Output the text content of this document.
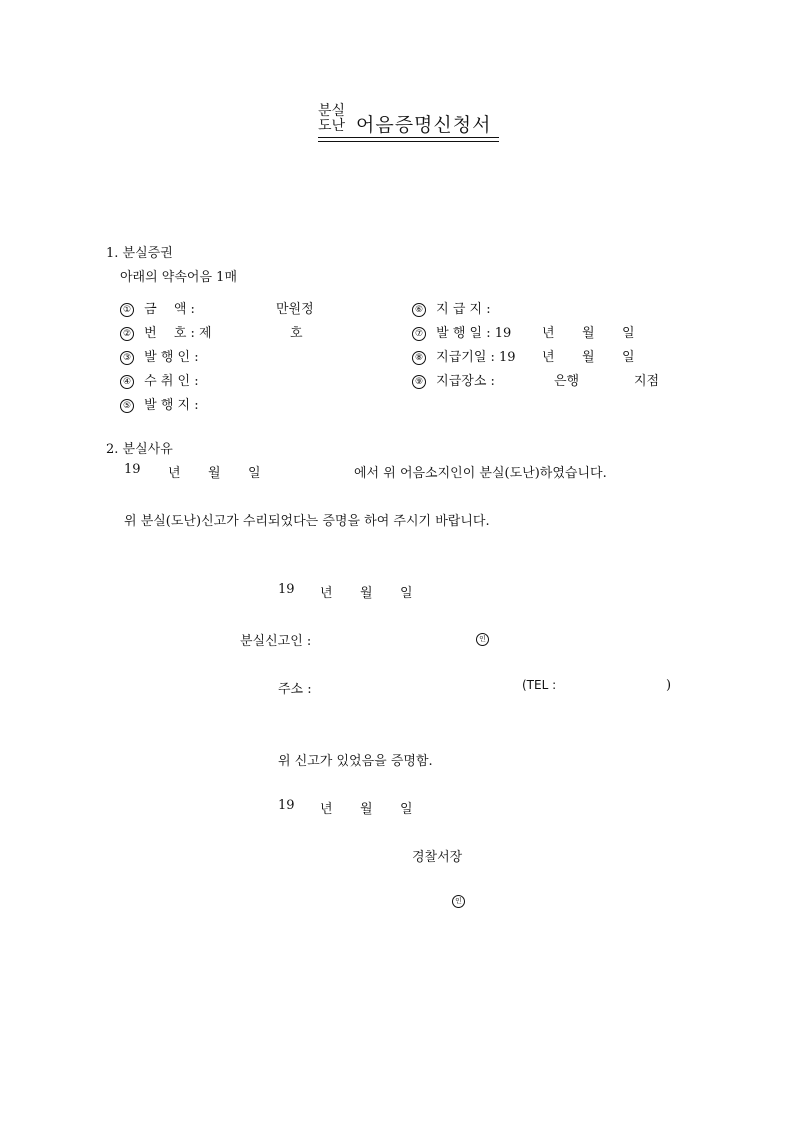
분실
도난 어음증명신청서
1. 분실증권
아래의 약속어음 1매
① 금　 액 :	만원정
② 번　 호 : 제	호
③ 발 행 인 :
④ 수 취 인 :
⑤ 발 행 지 :
⑥ 지 급 지 :
⑦ 발 행 일 : 19 년 월 일
⑧ 지급기일 : 19 년 월 일
⑨ 지급장소 :	은행	지점
2. 분실사유
19 년 월 일	에서 위 어음소지인이 분실(도난)하였습니다.
위 분실(도난)신고가 수리되었다는 증명을 하여 주시기 바랍니다.
19 년 월 일
분실신고인 :	인
주소 :	(TEL :	)
위 신고가 있었음을 증명함.
19 년 월 일
경찰서장
인
